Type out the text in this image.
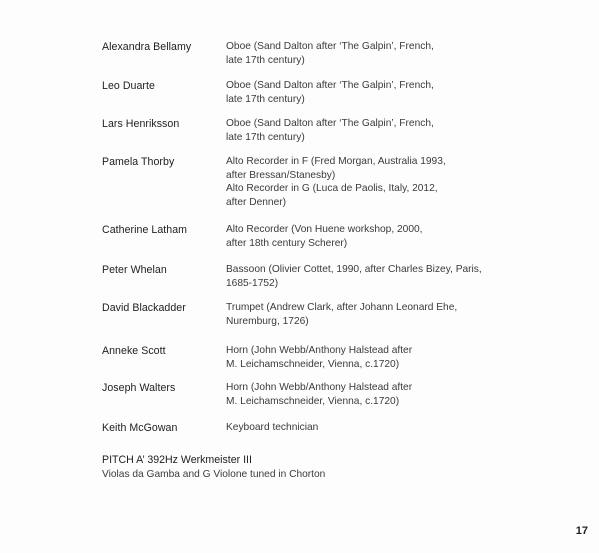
Alexandra Bellamy	Oboe (Sand Dalton after ‘The Galpin’, French,
late 17th century)
Leo Duarte	Oboe (Sand Dalton after ‘The Galpin’, French,
late 17th century)
Lars Henriksson	Oboe (Sand Dalton after ‘The Galpin’, French,
late 17th century)
Pamela Thorby	Alto Recorder in F (Fred Morgan, Australia 1993,
after Bressan/Stanesby)
Alto Recorder in G (Luca de Paolis, Italy, 2012,
after Denner)
Catherine Latham	Alto Recorder (Von Huene workshop, 2000,
after 18th century Scherer)
Peter Whelan	Bassoon (Olivier Cottet, 1990, after Charles Bizey, Paris,
1685-1752)
David Blackadder	Trumpet (Andrew Clark, after Johann Leonard Ehe,
Nuremburg, 1726)
Anneke Scott	Horn (John Webb/Anthony Halstead after
M. Leichamschneider, Vienna, c.1720)
Joseph Walters	Horn (John Webb/Anthony Halstead after
M. Leichamschneider, Vienna, c.1720)
Keith McGowan	Keyboard technician
PITCH A’ 392Hz Werkmeister III
Violas da Gamba and G Violone tuned in Chorton
17
